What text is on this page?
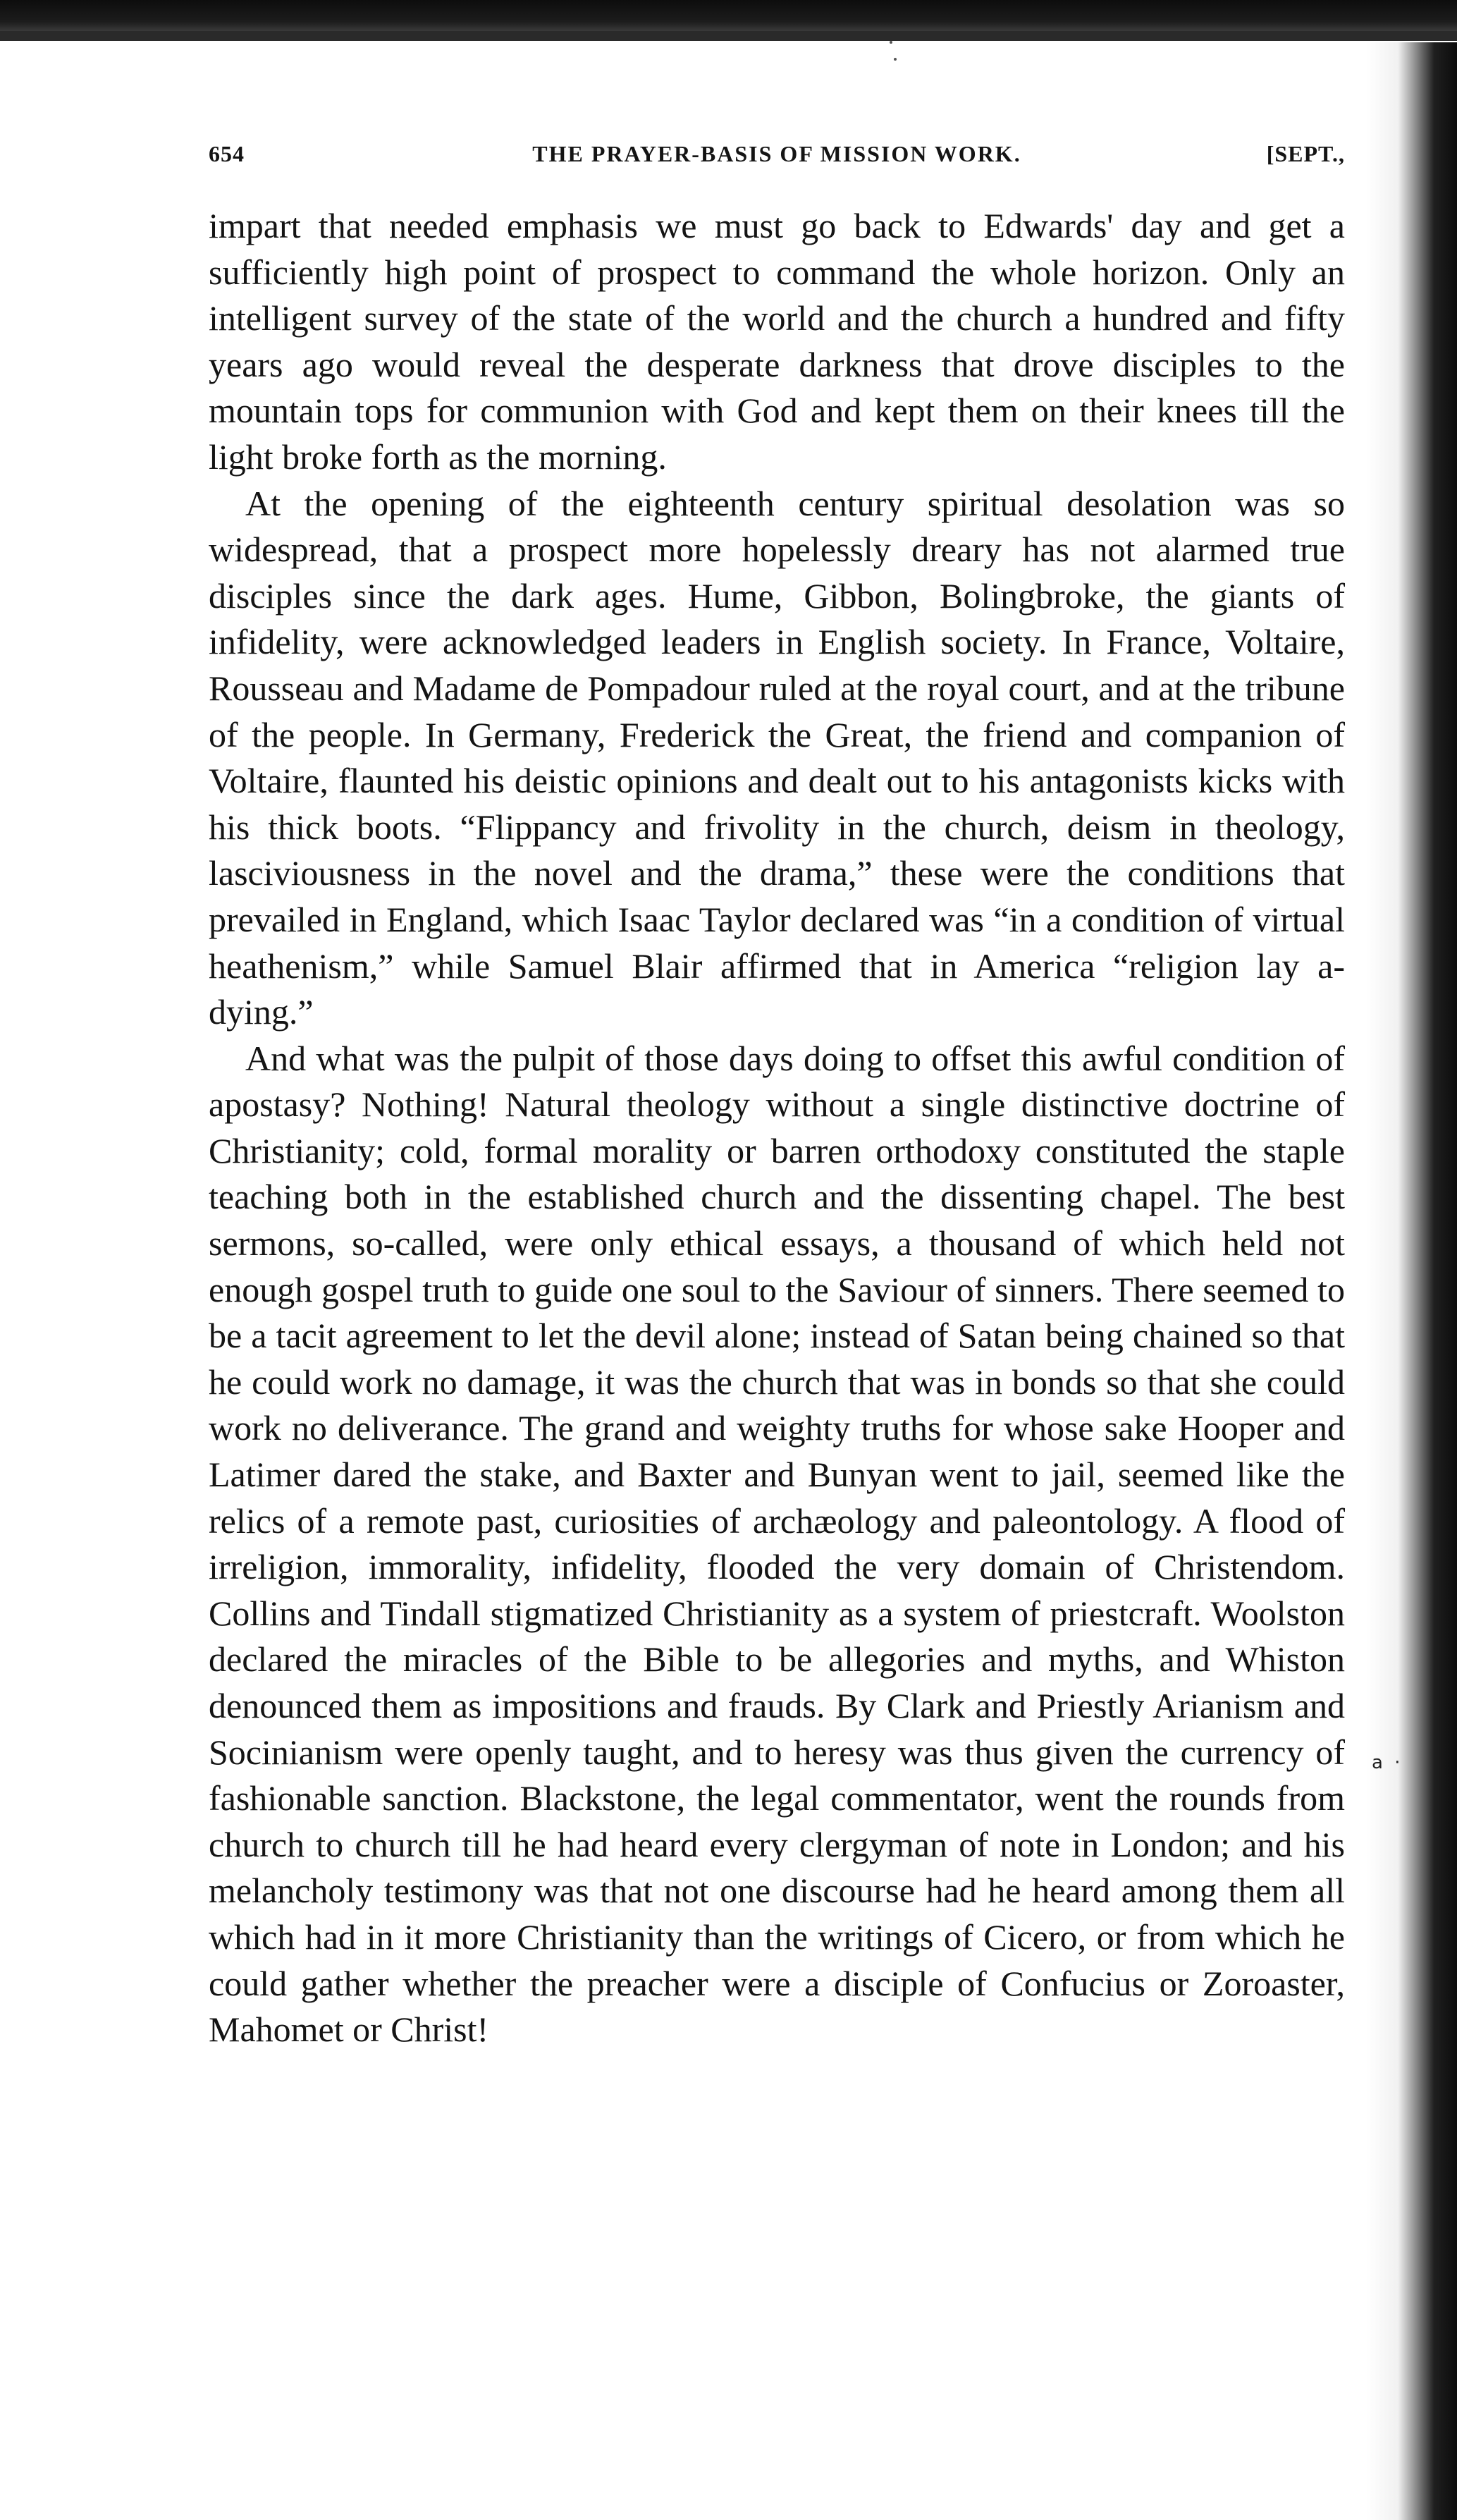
a ·
654	THE PRAYER-BASIS OF MISSION WORK.	[SEPT.,

impart that needed emphasis we must go back to Edwards' day and get a sufficiently high point of prospect to command the whole horizon. Only an intelligent survey of the state of the world and the church a hundred and fifty years ago would reveal the desperate darkness that drove disciples to the mountain tops for communion with God and kept them on their knees till the light broke forth as the morning.

At the opening of the eighteenth century spiritual desolation was so widespread, that a prospect more hopelessly dreary has not alarmed true disciples since the dark ages. Hume, Gibbon, Bolingbroke, the giants of infidelity, were acknowledged leaders in English society. In France, Voltaire, Rousseau and Madame de Pompadour ruled at the royal court, and at the tribune of the people. In Germany, Frederick the Great, the friend and companion of Voltaire, flaunted his deistic opinions and dealt out to his antagonists kicks with his thick boots. “Flippancy and frivolity in the church, deism in theology, lasciviousness in the novel and the drama,” these were the conditions that prevailed in England, which Isaac Taylor declared was “in a condition of virtual heathenism,” while Samuel Blair affirmed that in America “religion lay a-dying.”

And what was the pulpit of those days doing to offset this awful condition of apostasy? Nothing! Natural theology without a single distinctive doctrine of Christianity; cold, formal morality or barren orthodoxy constituted the staple teaching both in the established church and the dissenting chapel. The best sermons, so-called, were only ethical essays, a thousand of which held not enough gospel truth to guide one soul to the Saviour of sinners. There seemed to be a tacit agreement to let the devil alone; instead of Satan being chained so that he could work no damage, it was the church that was in bonds so that she could work no deliverance. The grand and weighty truths for whose sake Hooper and Latimer dared the stake, and Baxter and Bunyan went to jail, seemed like the relics of a remote past, curiosities of archæology and paleontology. A flood of irreligion, immorality, infidelity, flooded the very domain of Christendom. Collins and Tindall stigmatized Christianity as a system of priestcraft. Woolston declared the miracles of the Bible to be allegories and myths, and Whiston denounced them as impositions and frauds. By Clark and Priestly Arianism and Socinianism were openly taught, and to heresy was thus given the currency of fashionable sanction. Blackstone, the legal commentator, went the rounds from church to church till he had heard every clergyman of note in London; and his melancholy testimony was that not one discourse had he heard among them all which had in it more Christianity than the writings of Cicero, or from which he could gather whether the preacher were a disciple of Confucius or Zoroaster, Mahomet or Christ!
